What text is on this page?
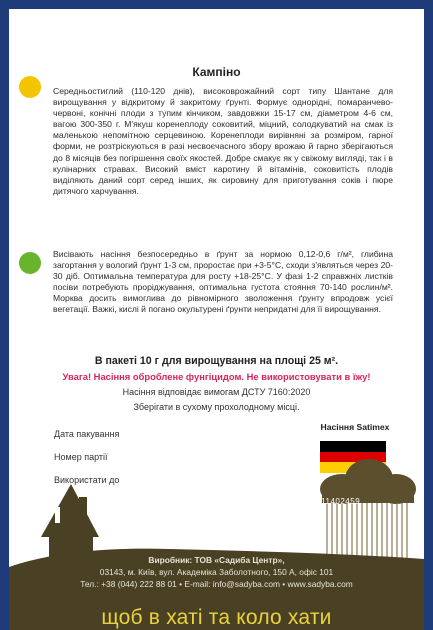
Кампіно

Середньостиглий (110-120 днів), високоврожайний сорт типу Шантане для вирощування у відкритому й закритому ґрунті. Формує однорідні, помаранчево-червоні, конічні плоди з тупим кінчиком, завдовжки 15-17 см, діаметром 4-6 см, вагою 300-350 г. М'якуш коренеплоду соковитий, міцний, солодкуватий на смак із маленькою непомітною серцевиною. Коренеплоди вирівняні за розміром, гарної форми, не розтріскуються в разі несвоєчасного збору врожаю й гарно зберігаються до 8 місяців без погіршення своїх якостей. Добре смакує як у свіжому вигляді, так і в кулінарних стравах. Високий вміст каротину й вітамінів, соковитість плодів виділяють даний сорт серед інших, як сировину для приготування соків і пюре дитячого харчування.

Висівають насіння безпосередньо в ґрунт за нормою 0,12-0,6 г/м², глибина загортання у вологий ґрунт 1-3 см, проростає при +3-5°С, сходи з'являться через 20-30 діб. Оптимальна температура для росту +18-25°С. У фазі 1-2 справжніх листків посіви потребують проріджування, оптимальна густота стояння 70-140 рослин/м². Морква досить вимоглива до рівномірного зволоження ґрунту впродовж усієї вегетації. Важкі, кислі й погано окультурені ґрунти непридатні для її вирощування.

В пакеті 10 г для вирощування на площі 25 м².
Увага! Насіння оброблене фунгіцидом. Не використовувати в їжу!
Насіння відповідає вимогам ДСТУ 7160:2020
Зберігати в сухому прохолодному місці.
Дата пакування
Номер партії
Використати до
Насіння Satimex
4823111402459
Виробник: ТОВ «Садиба Центр»,
03143, м. Київ, вул. Академіка Заболотного, 150 А, офіс 101
Тел.: +38 (044) 222 88 01 • E-mail: info@sadyba.com • www.sadyba.com
щоб в хаті та коло хати
